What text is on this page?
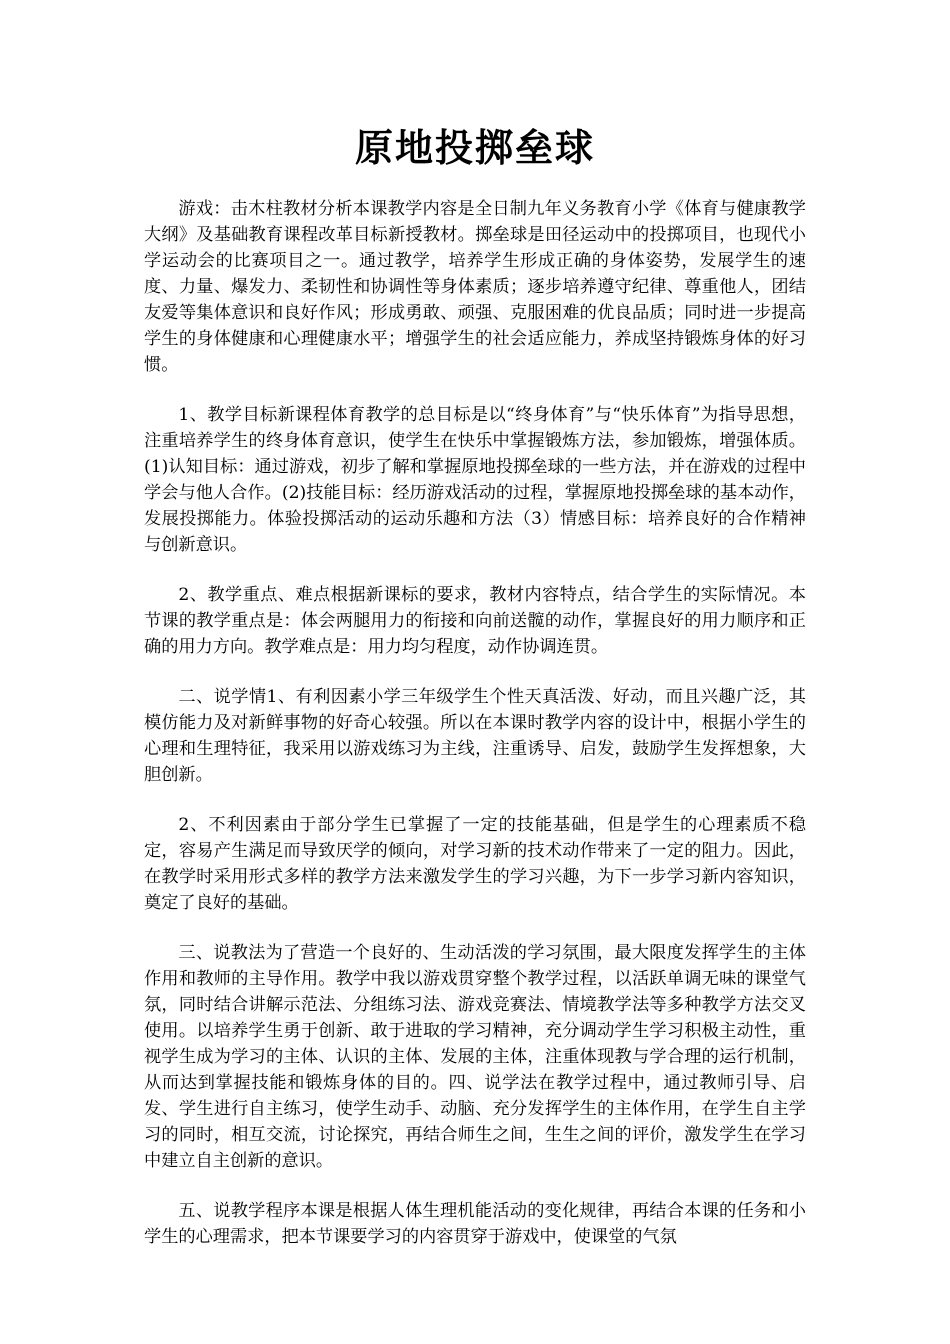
原地投掷垒球

游戏：击木柱教材分析本课教学内容是全日制九年义务教育小学《体育与健康教学大纲》及基础教育课程改革目标新授教材。掷垒球是田径运动中的投掷项目，也现代小学运动会的比赛项目之一。通过教学，培养学生形成正确的身体姿势，发展学生的速度、力量、爆发力、柔韧性和协调性等身体素质；逐步培养遵守纪律、尊重他人，团结友爱等集体意识和良好作风；形成勇敢、顽强、克服困难的优良品质；同时进一步提高学生的身体健康和心理健康水平；增强学生的社会适应能力，养成坚持锻炼身体的好习惯。

1、教学目标新课程体育教学的总目标是以“终身体育”与“快乐体育”为指导思想，注重培养学生的终身体育意识，使学生在快乐中掌握锻炼方法，参加锻炼，增强体质。(1)认知目标：通过游戏，初步了解和掌握原地投掷垒球的一些方法，并在游戏的过程中学会与他人合作。(2)技能目标：经历游戏活动的过程，掌握原地投掷垒球的基本动作，发展投掷能力。体验投掷活动的运动乐趣和方法（3）情感目标：培养良好的合作精神与创新意识。

2、教学重点、难点根据新课标的要求，教材内容特点，结合学生的实际情况。本节课的教学重点是：体会两腿用力的衔接和向前送髋的动作，掌握良好的用力顺序和正确的用力方向。教学难点是：用力均匀程度，动作协调连贯。

二、说学情1、有利因素小学三年级学生个性天真活泼、好动，而且兴趣广泛，其模仿能力及对新鲜事物的好奇心较强。所以在本课时教学内容的设计中，根据小学生的心理和生理特征，我采用以游戏练习为主线，注重诱导、启发，鼓励学生发挥想象，大胆创新。

2、不利因素由于部分学生已掌握了一定的技能基础，但是学生的心理素质不稳定，容易产生满足而导致厌学的倾向，对学习新的技术动作带来了一定的阻力。因此，在教学时采用形式多样的教学方法来激发学生的学习兴趣，为下一步学习新内容知识，奠定了良好的基础。

三、说教法为了营造一个良好的、生动活泼的学习氛围，最大限度发挥学生的主体作用和教师的主导作用。教学中我以游戏贯穿整个教学过程，以活跃单调无味的课堂气氛，同时结合讲解示范法、分组练习法、游戏竞赛法、情境教学法等多种教学方法交叉使用。以培养学生勇于创新、敢于进取的学习精神，充分调动学生学习积极主动性，重视学生成为学习的主体、认识的主体、发展的主体，注重体现教与学合理的运行机制，从而达到掌握技能和锻炼身体的目的。四、说学法在教学过程中，通过教师引导、启发、学生进行自主练习，使学生动手、动脑、充分发挥学生的主体作用，在学生自主学习的同时，相互交流，讨论探究，再结合师生之间，生生之间的评价，激发学生在学习中建立自主创新的意识。

五、说教学程序本课是根据人体生理机能活动的变化规律，再结合本课的任务和小学生的心理需求，把本节课要学习的内容贯穿于游戏中，使课堂的气氛
